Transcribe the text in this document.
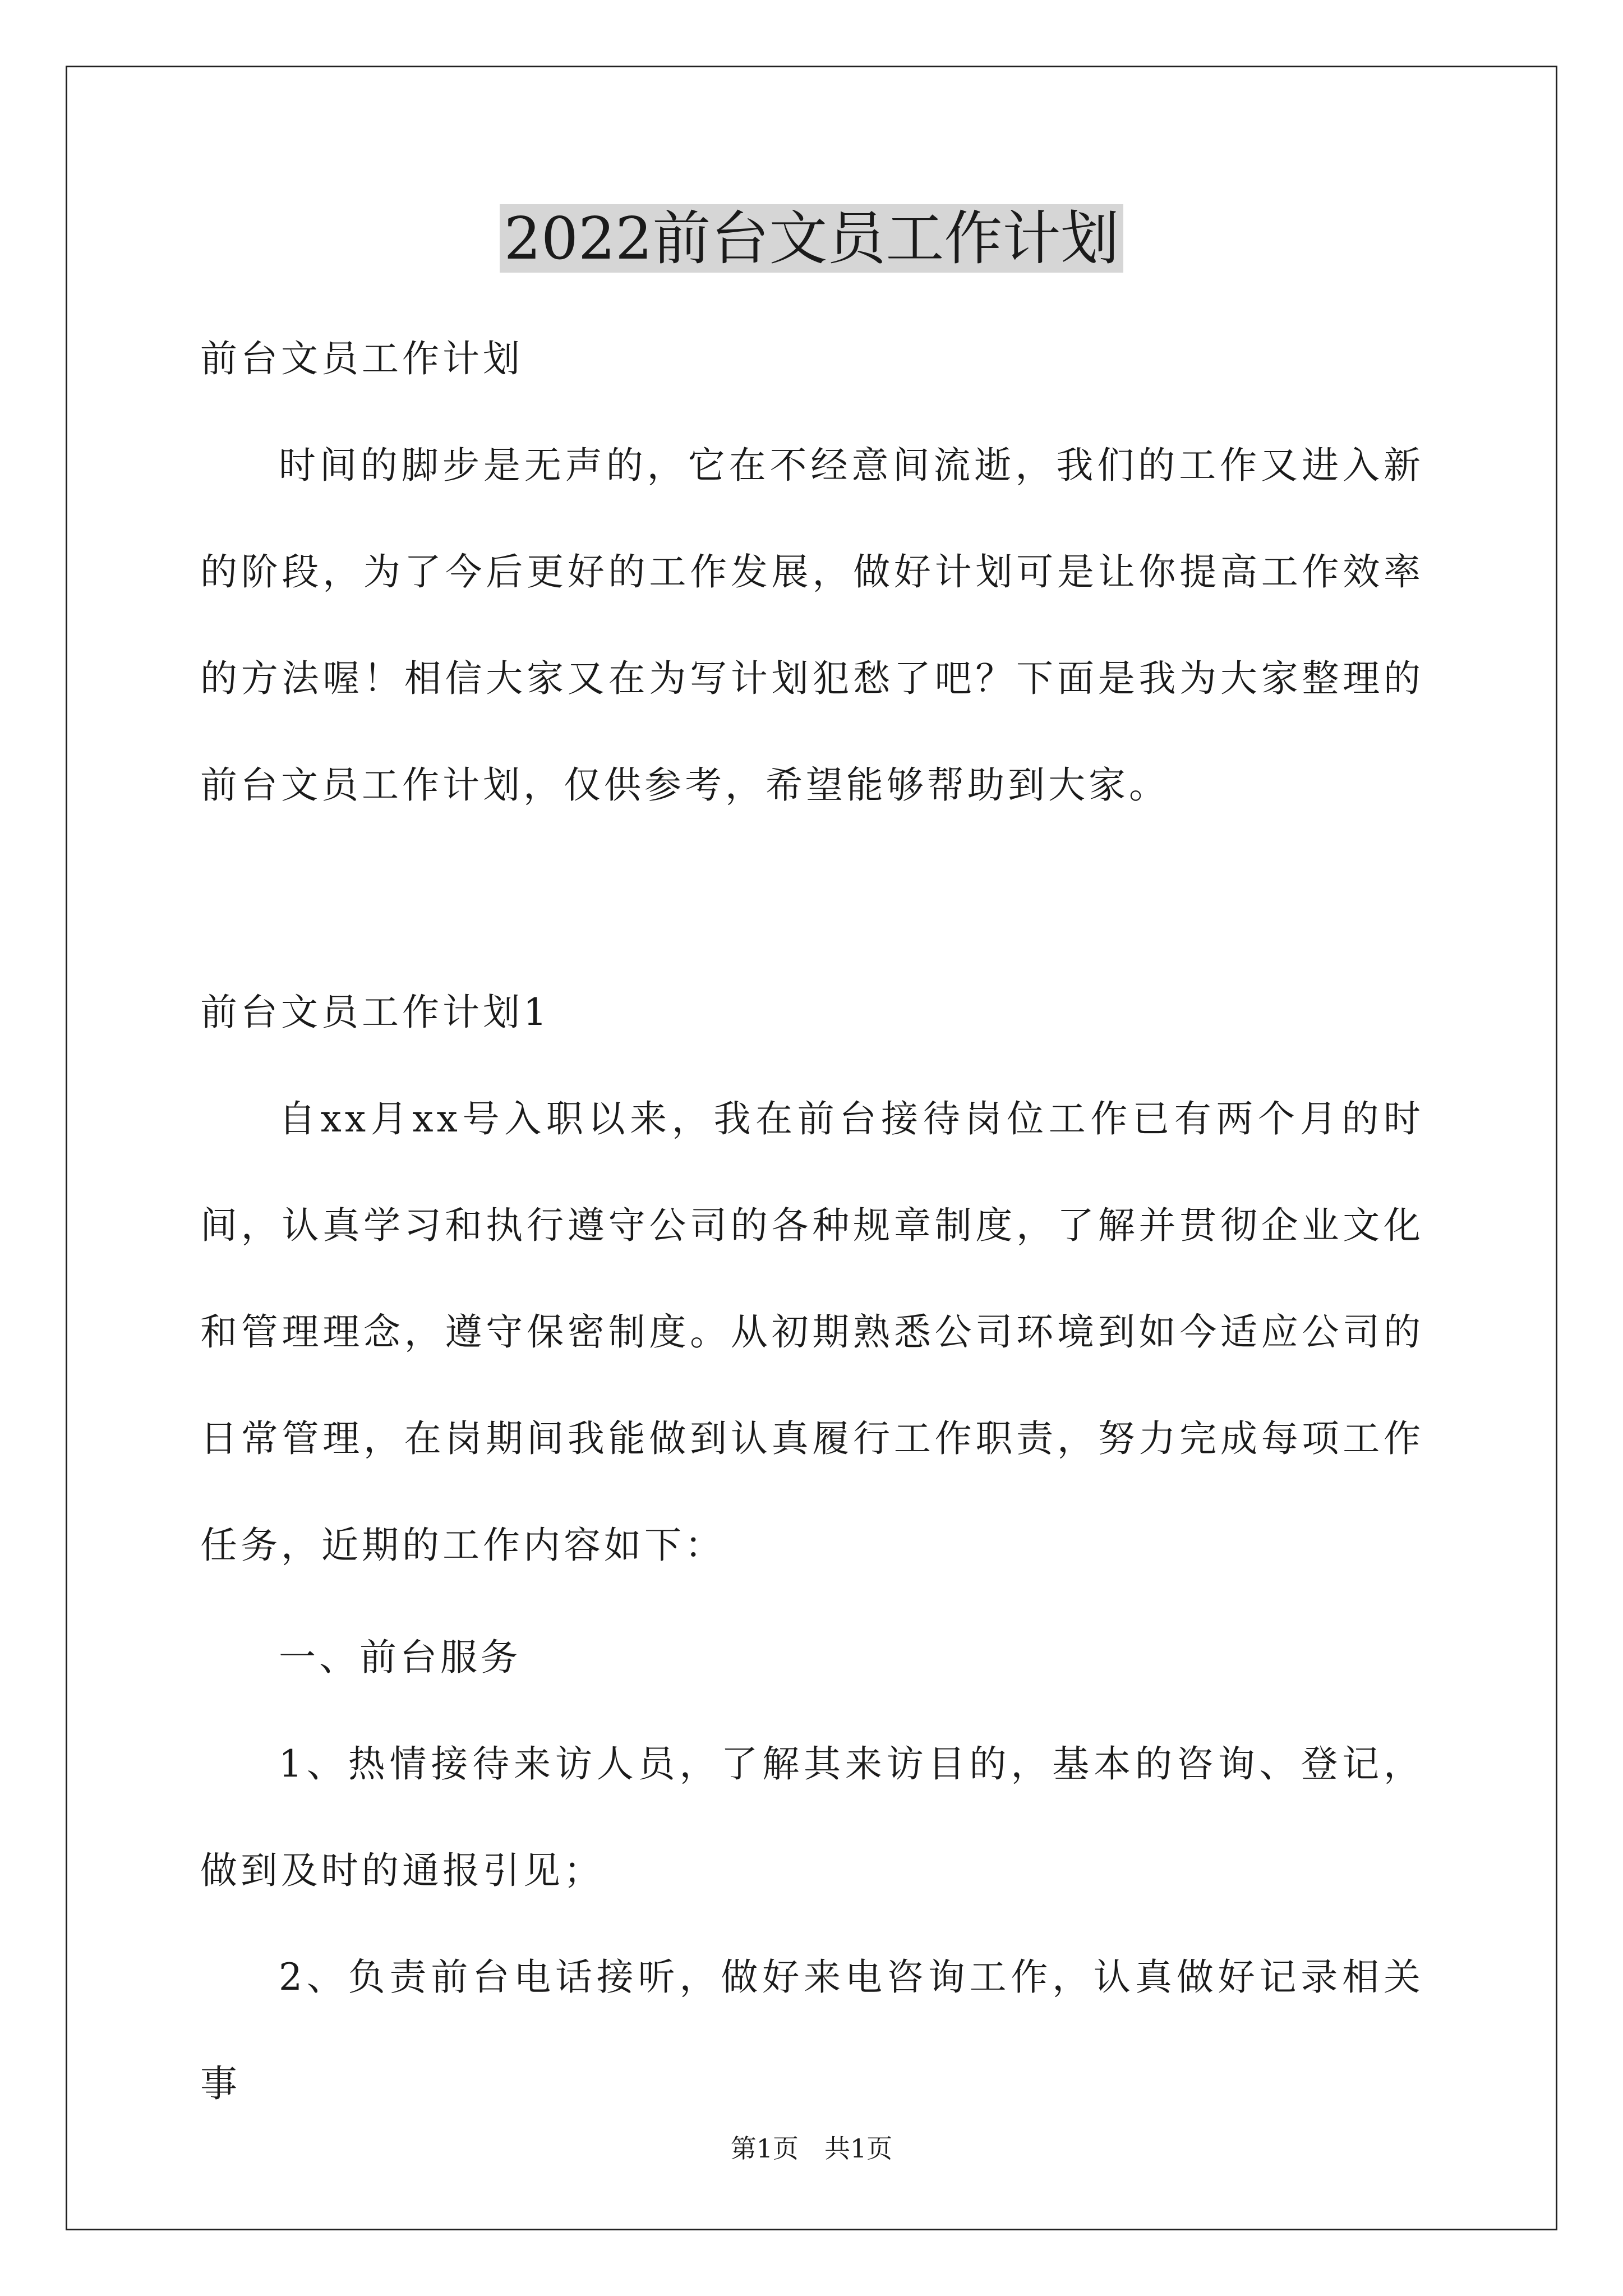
2022前台文员工作计划

前台文员工作计划

时间的脚步是无声的，它在不经意间流逝，我们的工作又进入新的阶段，为了今后更好的工作发展，做好计划可是让你提高工作效率的方法喔！相信大家又在为写计划犯愁了吧？下面是我为大家整理的前台文员工作计划，仅供参考，希望能够帮助到大家。

前台文员工作计划1

自xx月xx号入职以来，我在前台接待岗位工作已有两个月的时间，认真学习和执行遵守公司的各种规章制度，了解并贯彻企业文化和管理理念，遵守保密制度。从初期熟悉公司环境到如今适应公司的日常管理，在岗期间我能做到认真履行工作职责，努力完成每项工作任务，近期的工作内容如下：

一、前台服务

1、热情接待来访人员，了解其来访目的，基本的咨询、登记，做到及时的通报引见；

2、负责前台电话接听，做好来电咨询工作，认真做好记录相关事

第1页　共1页
